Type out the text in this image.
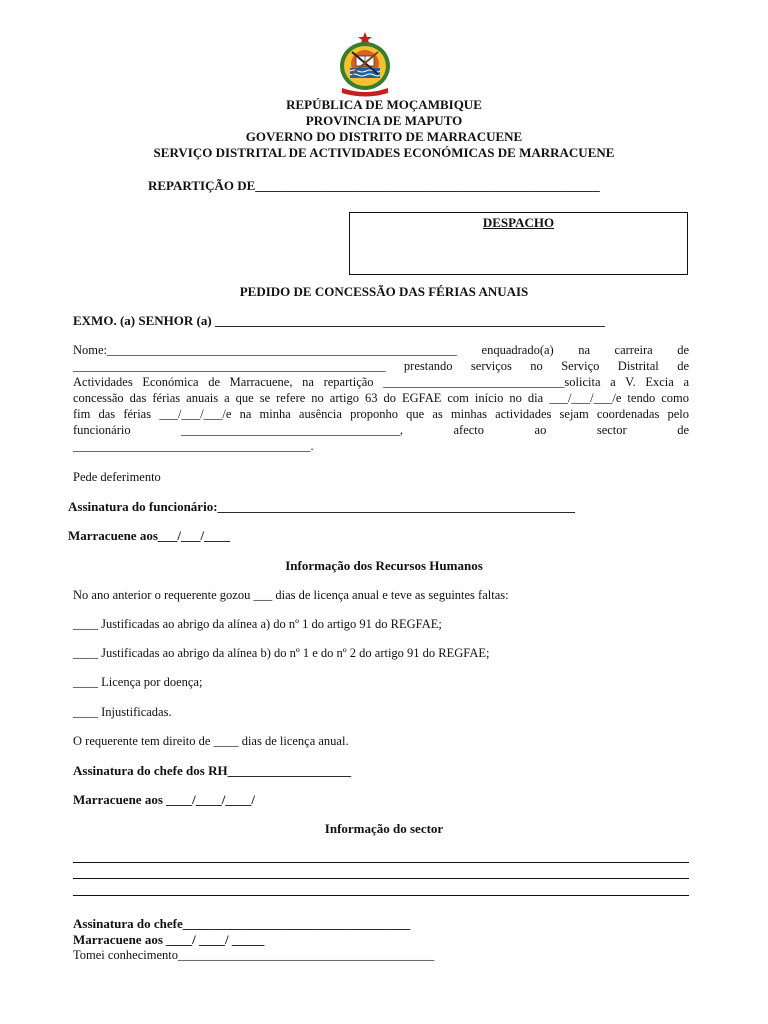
REPÚBLICA DE MOÇAMBIQUE
PROVINCIA DE MAPUTO
GOVERNO DO DISTRITO DE MARRACUENE
SERVIÇO DISTRITAL DE ACTIVIDADES ECONÓMICAS DE MARRACUENE
REPARTIÇÃO DE_____________________________________________________
DESPACHO
PEDIDO DE CONCESSÃO DAS FÉRIAS ANUAIS
EXMO. (a) SENHOR (a) ____________________________________________________________
Nome:________________________________________________________ enquadrado(a) na carreira de
__________________________________________________ prestando serviços no Serviço Distrital de
Actividades Económica de Marracuene, na repartição _____________________________solicita a V. Excia a
concessão das férias anuais a que se refere no artigo 63 do EGFAE com início no dia ___/___/___/e tendo como
fim das férias ___/___/___/e na minha ausência proponho que as minhas actividades sejam coordenadas pelo
funcionário ___________________________________, afecto ao sector de
______________________________________.
Pede deferimento
Assinatura do funcionário:_______________________________________________________
Marracuene aos___/___/____
Informação dos Recursos Humanos
No ano anterior o requerente gozou ___ dias de licença anual e teve as seguintes faltas:
____ Justificadas ao abrigo da alínea a) do nº 1 do artigo 91 do REGFAE;
____ Justificadas ao abrigo da alínea b) do nº 1 e do nº 2 do artigo 91 do REGFAE;
____ Licença por doença;
____ Injustificadas.
O requerente tem direito de ____ dias de licença anual.
Assinatura do chefe dos RH___________________
Marracuene aos ____/____/____/
Informação do sector
Assinatura do chefe___________________________________
Marracuene aos ____/ ____/ _____
Tomei conhecimento_________________________________________
